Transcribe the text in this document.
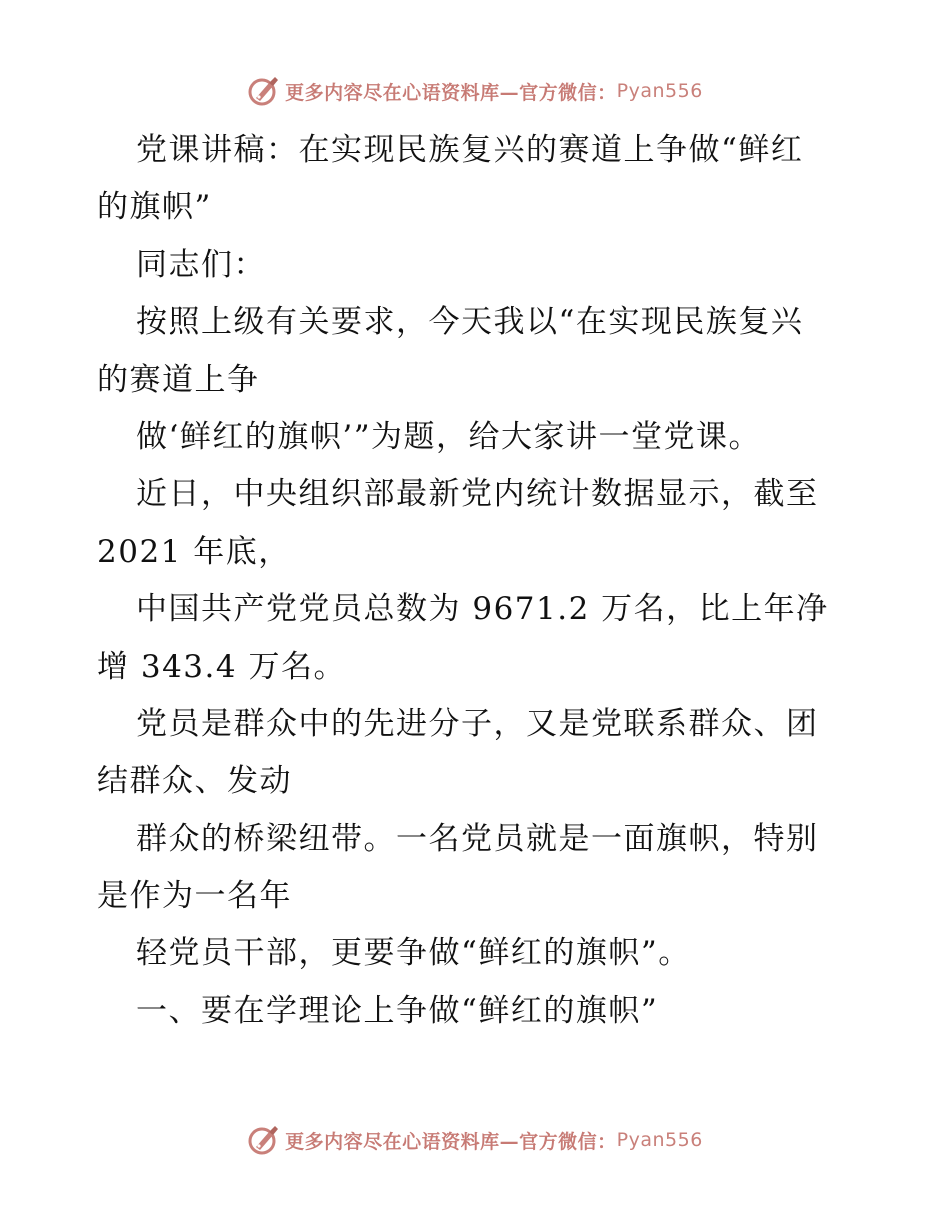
更多内容尽在心语资料库—官方微信： Pyan556
党课讲稿：在实现民族复兴的赛道上争做“鲜红
的旗帜”
同志们：
按照上级有关要求，今天我以“在实现民族复兴
的赛道上争
做‘鲜红的旗帜’”为题，给大家讲一堂党课。
近日，中央组织部最新党内统计数据显示，截至
2021 年底，
中国共产党党员总数为 9671.2 万名，比上年净
增 343.4 万名。
党员是群众中的先进分子，又是党联系群众、团
结群众、发动
群众的桥梁纽带。一名党员就是一面旗帜，特别
是作为一名年
轻党员干部，更要争做“鲜红的旗帜”。
一、要在学理论上争做“鲜红的旗帜”
更多内容尽在心语资料库—官方微信： Pyan556
